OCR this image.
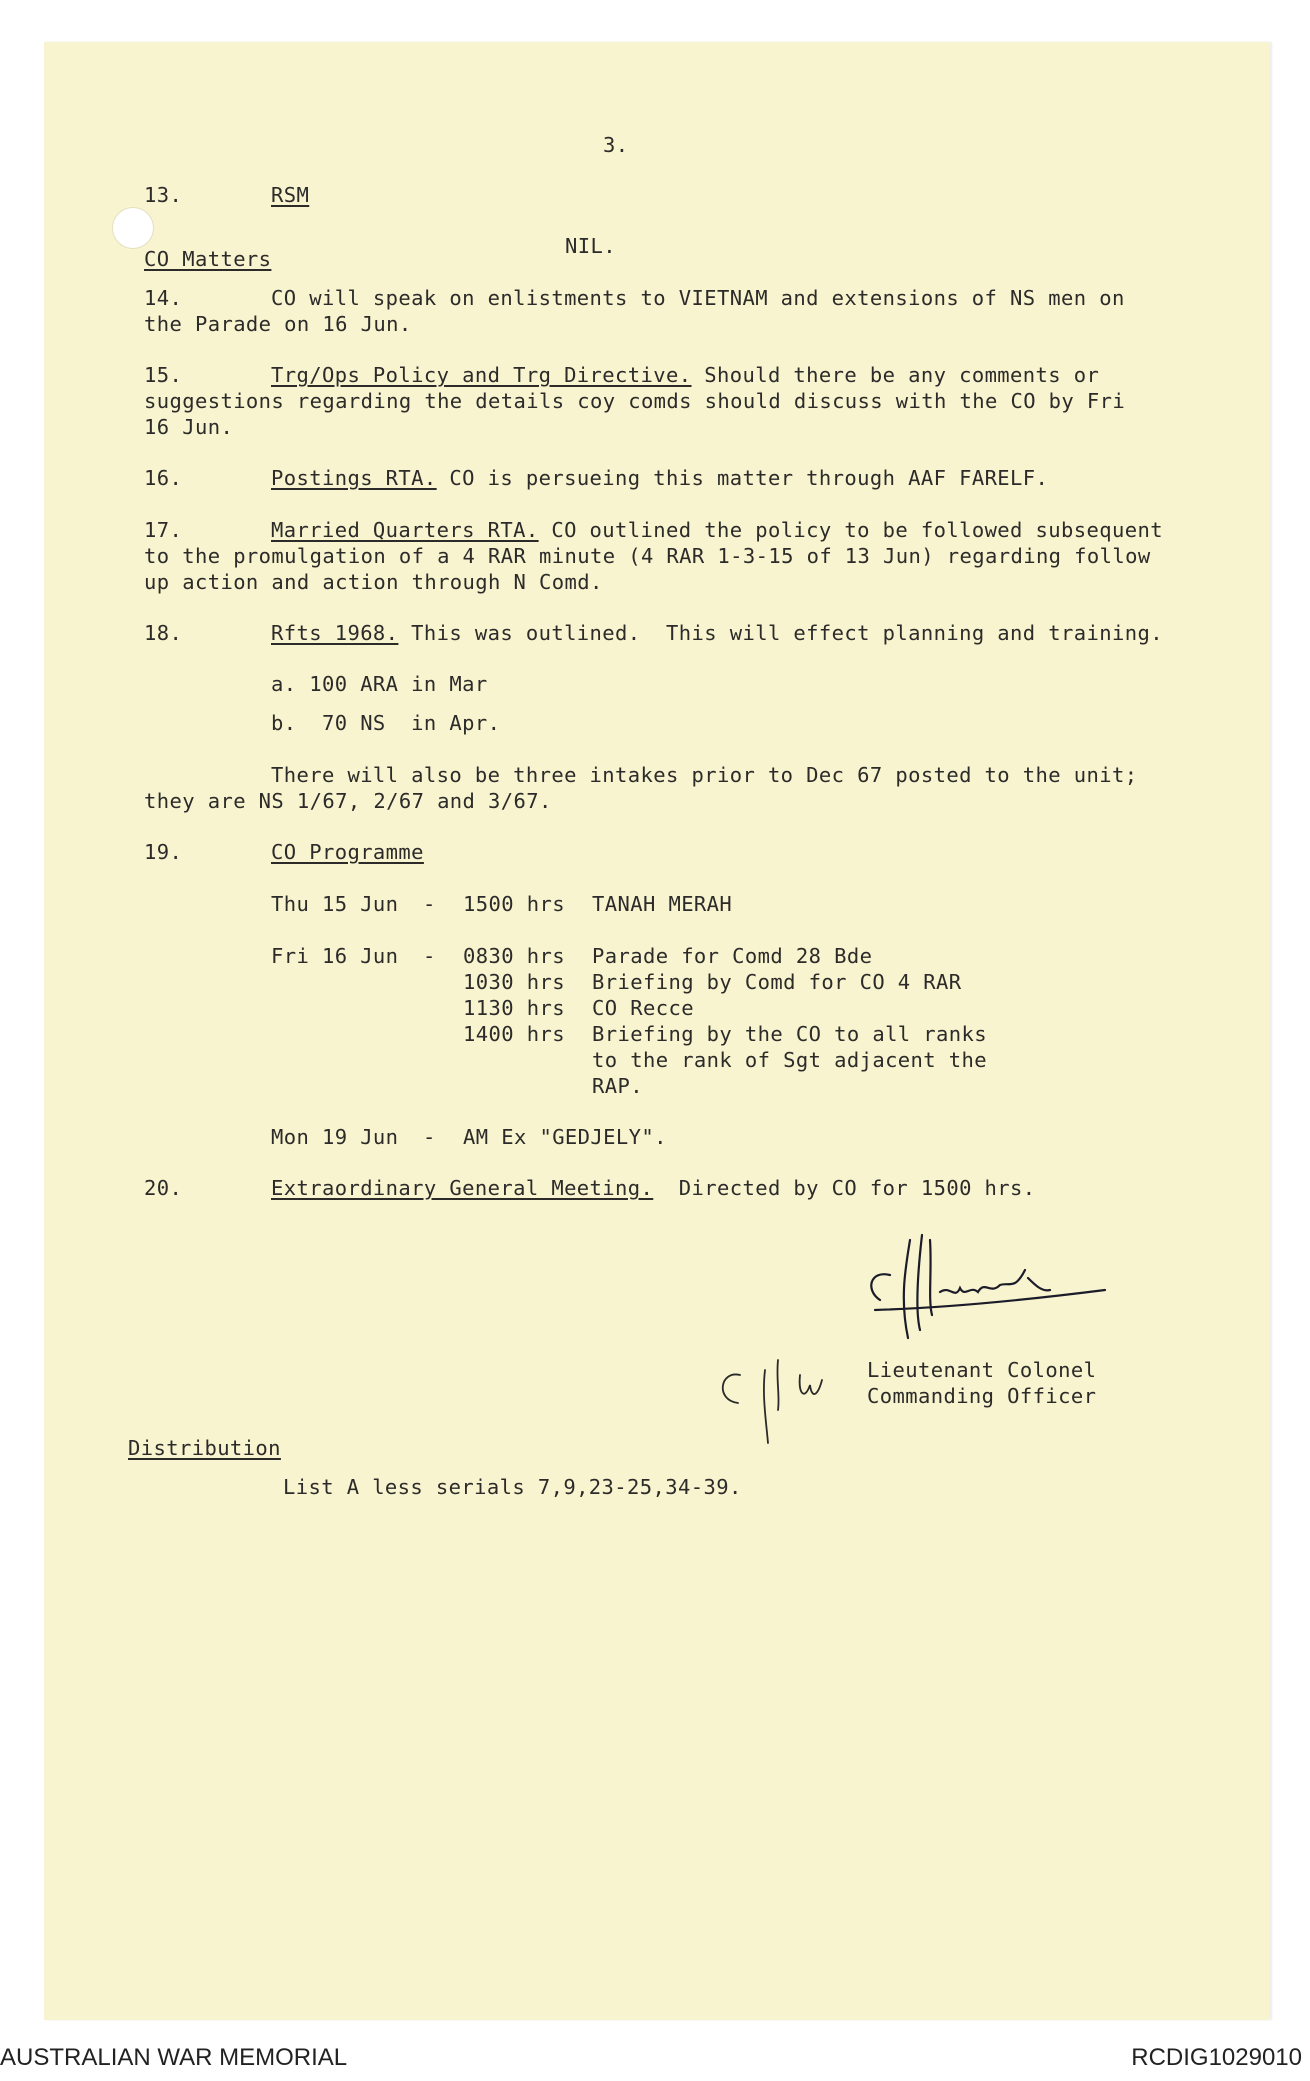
3.
13.	RSM
NIL.
CO Matters
14.	CO will speak on enlistments to VIETNAM and extensions of NS men on
the Parade on 16 Jun.
15.	Trg/Ops Policy and Trg Directive. Should there be any comments or
suggestions regarding the details coy comds should discuss with the CO by Fri
16 Jun.
16.	Postings RTA. CO is persueing this matter through AAF FARELF.
17.	Married Quarters RTA. CO outlined the policy to be followed subsequent
to the promulgation of a 4 RAR minute (4 RAR 1-3-15 of 13 Jun) regarding follow
up action and action through N Comd.
18.	Rfts 1968. This was outlined.  This will effect planning and training.
a. 100 ARA in Mar
b.  70 NS  in Apr.
There will also be three intakes prior to Dec 67 posted to the unit;
they are NS 1/67, 2/67 and 3/67.
19.	CO Programme
Thu 15 Jun - 1500 hrs TANAH MERAH
Fri 16 Jun - 0830 hrs Parade for Comd 28 Bde
1030 hrs Briefing by Comd for CO 4 RAR
1130 hrs CO Recce
1400 hrs Briefing by the CO to all ranks
to the rank of Sgt adjacent the
RAP.
Mon 19 Jun - AM Ex "GEDJELY".
20.	Extraordinary General Meeting.  Directed by CO for 1500 hrs.
Lieutenant Colonel
Commanding Officer
Distribution
List A less serials 7,9,23-25,34-39.
AUSTRALIAN WAR MEMORIAL	RCDIG1029010
